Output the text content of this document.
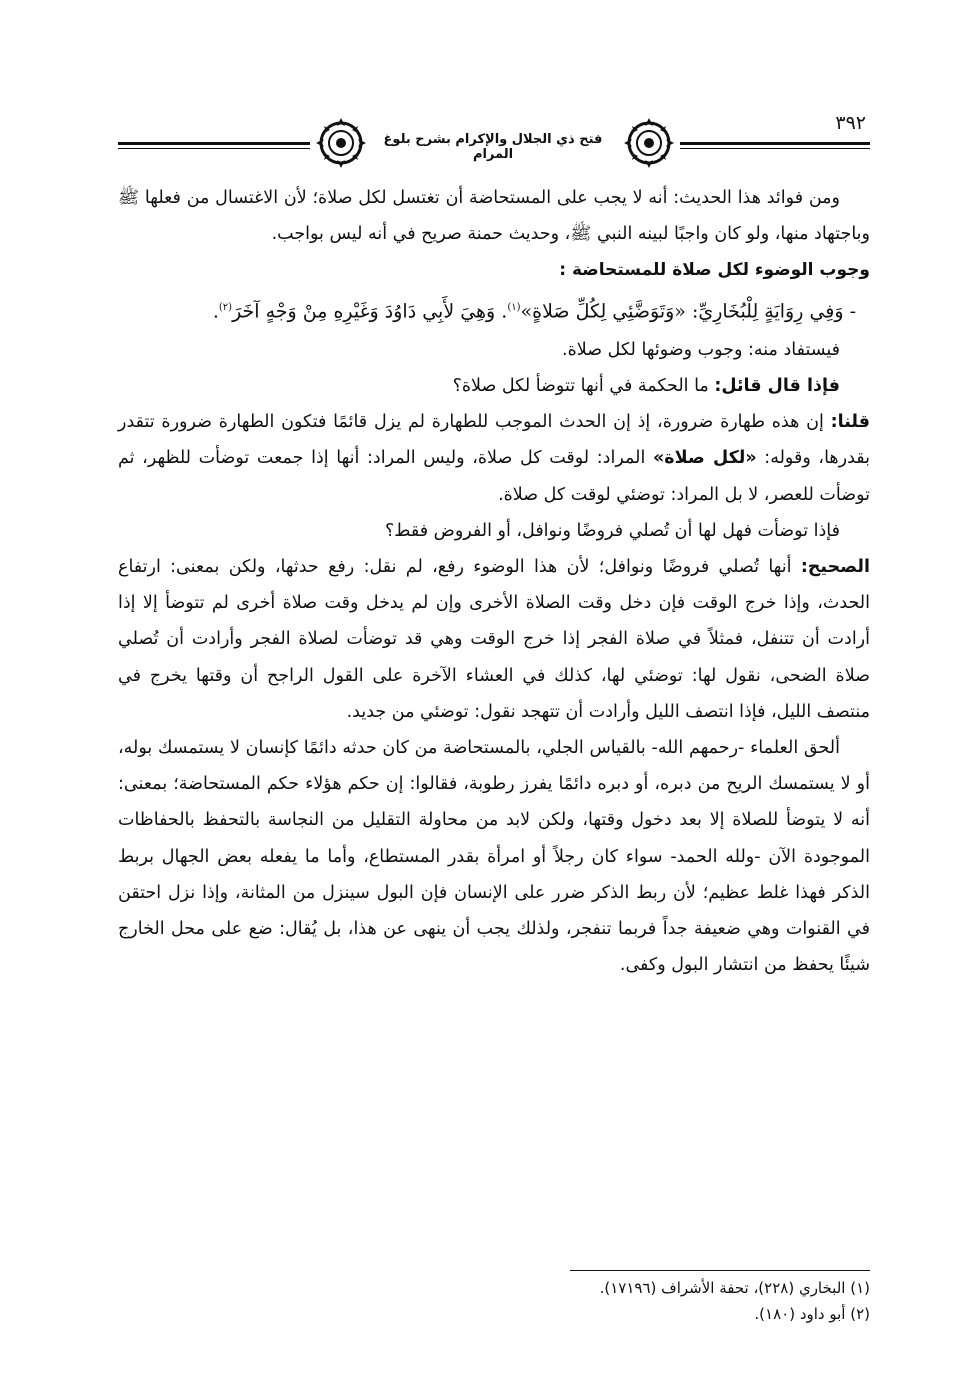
فتح ذي الجلال والإكرام بشرح بلوغ المرام
٣٩٢

ومن فوائد هذا الحديث: أنه لا يجب على المستحاضة أن تغتسل لكل صلاة؛ لأن الاغتسال من فعلها ﷺ وباجتهاد منها، ولو كان واجبًا لبينه النبي ﷺ، وحديث حمنة صريح في أنه ليس بواجب.

وجوب الوضوء لكل صلاة للمستحاضة :

- وَفِي رِوَايَةٍ لِلْبُخَارِيِّ: «وَتَوَضَّئِي لِكُلِّ صَلاةٍ»$^{(١)}$. وَهِيَ لأَبِي دَاوُدَ وَغَيْرِهِ مِنْ وَجْهٍ آخَرَ$^{(٢)}$.

فيستفاد منه: وجوب وضوئها لكل صلاة.

فإذا قال قائل: ما الحكمة في أنها تتوضأ لكل صلاة؟

قلنا: إن هذه طهارة ضرورة، إذ إن الحدث الموجب للطهارة لم يزل قائمًا فتكون الطهارة ضرورة تتقدر بقدرها، وقوله: «لكل صلاة» المراد: لوقت كل صلاة، وليس المراد: أنها إذا جمعت توضأت للظهر، ثم توضأت للعصر، لا بل المراد: توضئي لوقت كل صلاة.

فإذا توضأت فهل لها أن تُصلي فروضًا ونوافل، أو الفروض فقط؟

الصحيح: أنها تُصلي فروضًا ونوافل؛ لأن هذا الوضوء رفع، لم نقل: رفع حدثها، ولكن بمعنى: ارتفاع الحدث، وإذا خرج الوقت فإن دخل وقت الصلاة الأخرى وإن لم يدخل وقت صلاة أخرى لم تتوضأ إلا إذا أرادت أن تتنفل، فمثلاً في صلاة الفجر إذا خرج الوقت وهي قد توضأت لصلاة الفجر وأرادت أن تُصلي صلاة الضحى، نقول لها: توضئي لها، كذلك في العشاء الآخرة على القول الراجح أن وقتها يخرج في منتصف الليل، فإذا انتصف الليل وأرادت أن تتهجد نقول: توضئي من جديد.

ألحق العلماء -رحمهم الله- بالقياس الجلي، بالمستحاضة من كان حدثه دائمًا كإنسان لا يستمسك بوله، أو لا يستمسك الريح من دبره، أو دبره دائمًا يفرز رطوبة، فقالوا: إن حكم هؤلاء حكم المستحاضة؛ بمعنى: أنه لا يتوضأ للصلاة إلا بعد دخول وقتها، ولكن لابد من محاولة التقليل من النجاسة بالتحفظ بالحفاظات الموجودة الآن -ولله الحمد- سواء كان رجلاً أو امرأة بقدر المستطاع، وأما ما يفعله بعض الجهال بربط الذكر فهذا غلط عظيم؛ لأن ربط الذكر ضرر على الإنسان فإن البول سينزل من المثانة، وإذا نزل احتقن في القنوات وهي ضعيفة جداً فربما تنفجر، ولذلك يجب أن ينهى عن هذا، بل يُقال: ضع على محل الخارج شيئًا يحفظ من انتشار البول وكفى.

(١) البخاري (٢٢٨)، تحفة الأشراف (١٧١٩٦).

(٢) أبو داود (١٨٠).
